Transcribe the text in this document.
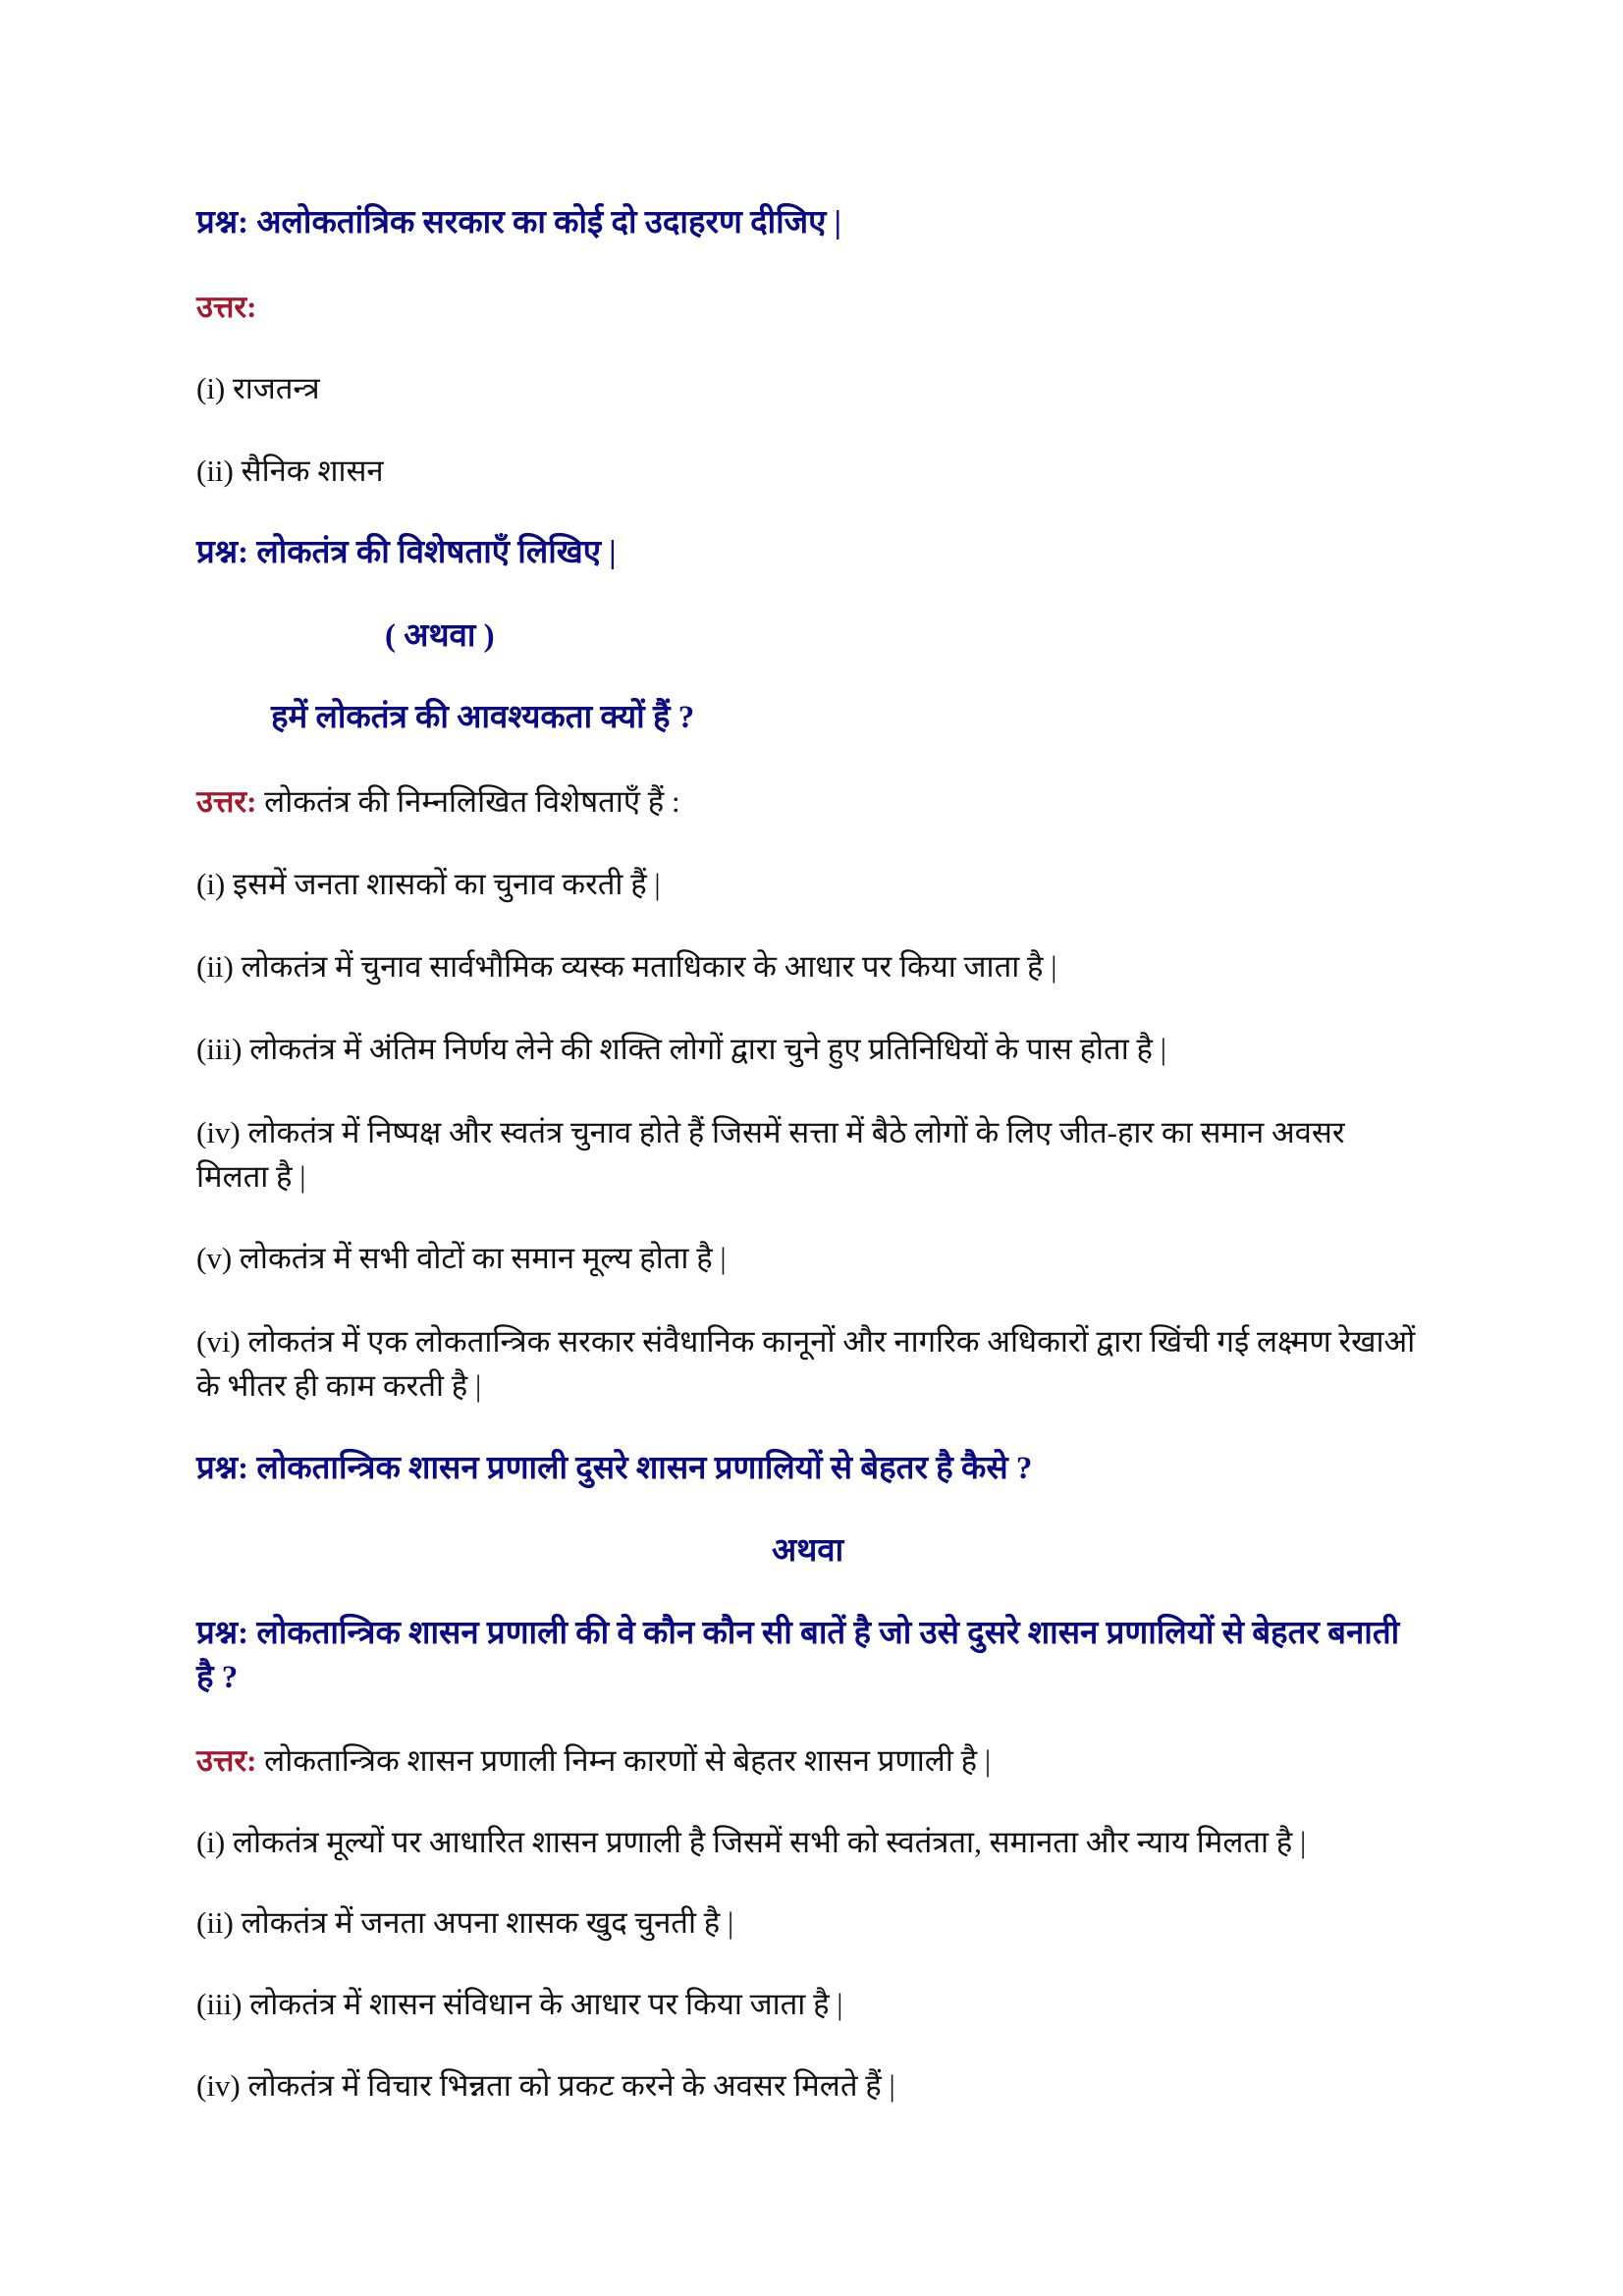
प्रश्न: अलोकतांत्रिक सरकार का कोई दो उदाहरण दीजिए |
उत्तर:
(i) राजतन्त्र
(ii) सैनिक शासन
प्रश्न: लोकतंत्र की विशेषताएँ लिखिए |
( अथवा )
हमें लोकतंत्र की आवश्यकता क्यों हैं ?
उत्तर: लोकतंत्र की निम्नलिखित विशेषताएँ हैं :
(i) इसमें जनता शासकों का चुनाव करती हैं |
(ii) लोकतंत्र में चुनाव सार्वभौमिक व्यस्क मताधिकार के आधार पर किया जाता है |
(iii) लोकतंत्र में अंतिम निर्णय लेने की शक्ति लोगों द्वारा चुने हुए प्रतिनिधियों के पास होता है |
(iv) लोकतंत्र में निष्पक्ष और स्वतंत्र चुनाव होते हैं जिसमें सत्ता में बैठे लोगों के लिए जीत-हार का समान अवसर मिलता है |
(v) लोकतंत्र में सभी वोटों का समान मूल्य होता है |
(vi) लोकतंत्र में एक लोकतान्त्रिक सरकार संवैधानिक कानूनों और नागरिक अधिकारों द्वारा खिंची गई लक्ष्मण रेखाओं के भीतर ही काम करती है |
प्रश्न: लोकतान्त्रिक शासन प्रणाली दुसरे शासन प्रणालियों से बेहतर है कैसे ?
अथवा
प्रश्न: लोकतान्त्रिक शासन प्रणाली की वे कौन कौन सी बातें है जो उसे दुसरे शासन प्रणालियों से बेहतर बनाती है ?
उत्तर: लोकतान्त्रिक शासन प्रणाली निम्न कारणों से बेहतर शासन प्रणाली है |
(i) लोकतंत्र मूल्यों पर आधारित शासन प्रणाली है जिसमें सभी को स्वतंत्रता, समानता और न्याय मिलता है |
(ii) लोकतंत्र में जनता अपना शासक खुद चुनती है |
(iii) लोकतंत्र में शासन संविधान के आधार पर किया जाता है |
(iv) लोकतंत्र में विचार भिन्नता को प्रकट करने के अवसर मिलते हैं |
